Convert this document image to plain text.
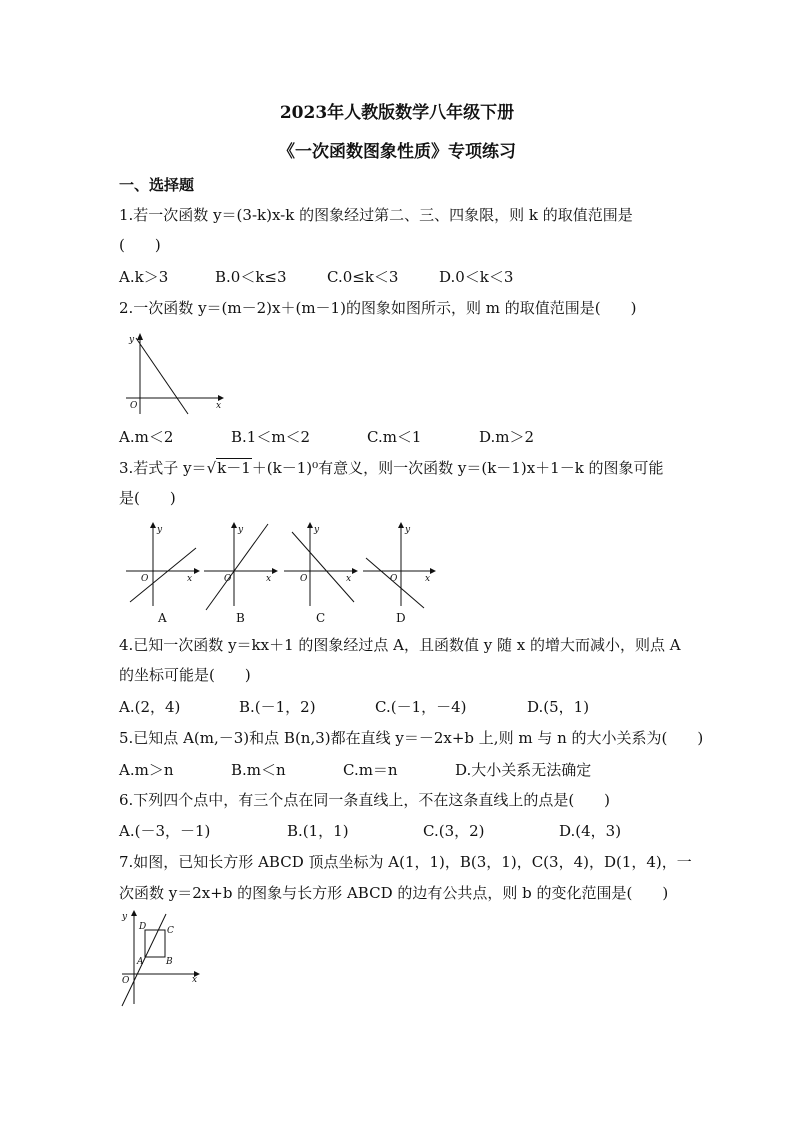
2023年人教版数学八年级下册
《一次函数图象性质》专项练习
一、选择题
1.若一次函数 y＝(3-k)x-k 的图象经过第二、三、四象限，则 k 的取值范围是
(　　)
A.k＞3	B.0＜k≤3	C.0≤k＜3	D.0＜k＜3
2.一次函数 y＝(m－2)x＋(m－1)的图象如图所示，则 m 的取值范围是(　　)
y
x
O
A.m＜2	B.1＜m＜2	C.m＜1	D.m＞2
3.若式子 y＝√k－1＋(k－1)⁰有意义，则一次函数 y＝(k－1)x＋1－k 的图象可能
是(　　)
y
x
O
A
y
x
O
B
y
x
O
C
y
x
O
D
4.已知一次函数 y＝kx＋1 的图象经过点 A，且函数值 y 随 x 的增大而减小，则点 A
的坐标可能是(　　)
A.(2，4)	B.(－1，2)	C.(－1，－4)	D.(5，1)
5.已知点 A(m,－3)和点 B(n,3)都在直线 y＝－2x+b 上,则 m 与 n 的大小关系为(　　)
A.m＞n	B.m＜n	C.m＝n	D.大小关系无法确定
6.下列四个点中，有三个点在同一条直线上，不在这条直线上的点是(　　)
A.(－3，－1)	B.(1，1)	C.(3，2)	D.(4，3)
7.如图，已知长方形 ABCD 顶点坐标为 A(1，1)，B(3，1)，C(3，4)，D(1，4)，一
次函数 y＝2x+b 的图象与长方形 ABCD 的边有公共点，则 b 的变化范围是(　　)
y
x
O
D C
A	B
